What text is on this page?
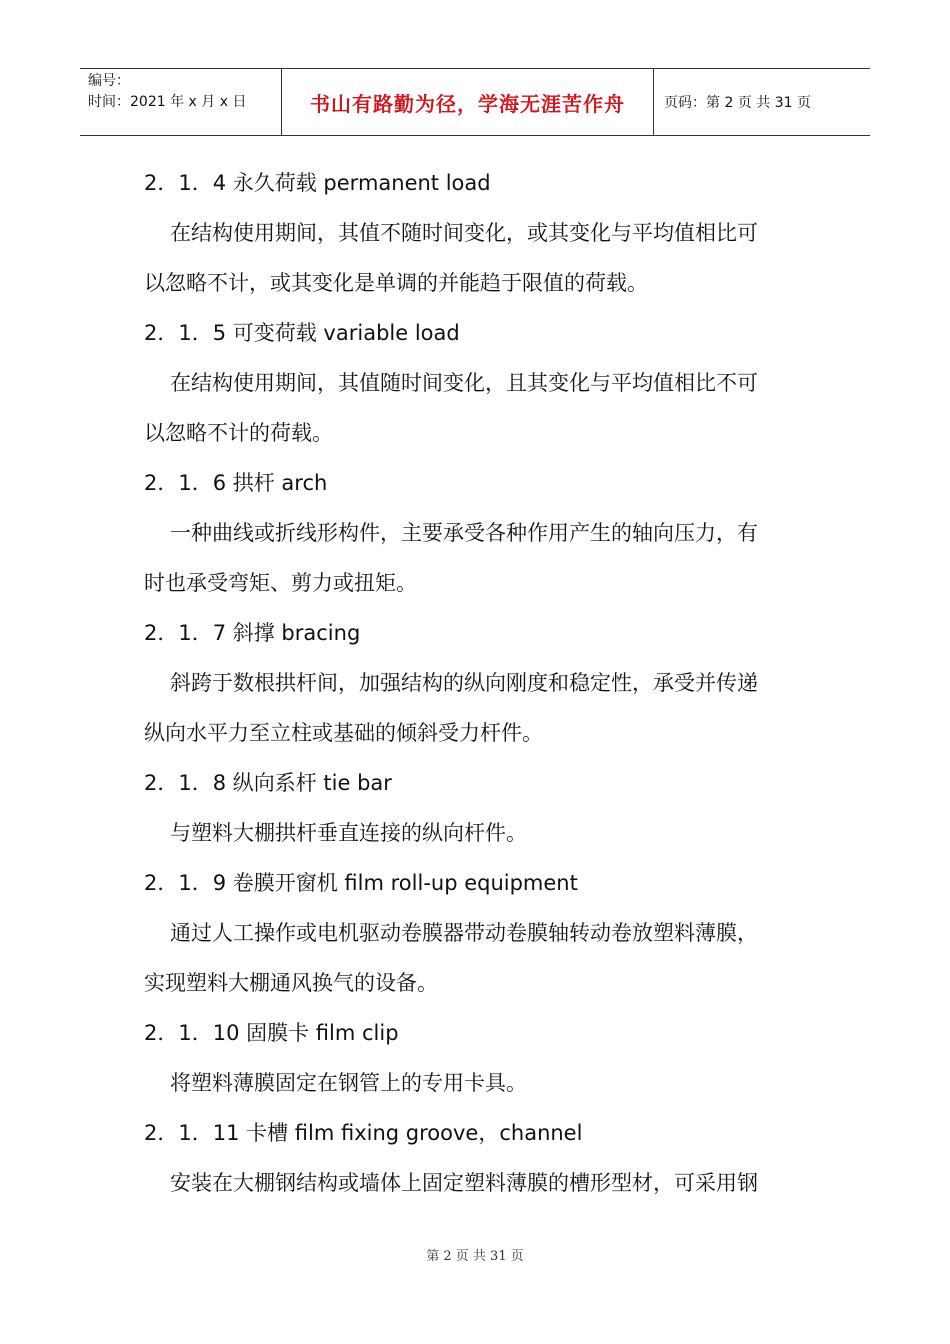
编号：
时间：2021 年 x 月 x 日	书山有路勤为径，学海无涯苦作舟	页码：第 2 页 共 31 页
2．1．4 永久荷载 permanent load
在结构使用期间，其值不随时间变化，或其变化与平均值相比可
以忽略不计，或其变化是单调的并能趋于限值的荷载。
2．1．5 可变荷载 variable load
在结构使用期间，其值随时间变化，且其变化与平均值相比不可
以忽略不计的荷载。
2．1．6 拱杆 arch
一种曲线或折线形构件，主要承受各种作用产生的轴向压力，有
时也承受弯矩、剪力或扭矩。
2．1．7 斜撑 bracing
斜跨于数根拱杆间，加强结构的纵向刚度和稳定性，承受并传递
纵向水平力至立柱或基础的倾斜受力杆件。
2．1．8 纵向系杆 tie bar
与塑料大棚拱杆垂直连接的纵向杆件。
2．1．9 卷膜开窗机 film roll-up equipment
通过人工操作或电机驱动卷膜器带动卷膜轴转动卷放塑料薄膜，
实现塑料大棚通风换气的设备。
2．1．10 固膜卡 film clip
将塑料薄膜固定在钢管上的专用卡具。
2．1．11 卡槽 film fixing groove，channel
安装在大棚钢结构或墙体上固定塑料薄膜的槽形型材，可采用钢
第 2 页 共 31 页
